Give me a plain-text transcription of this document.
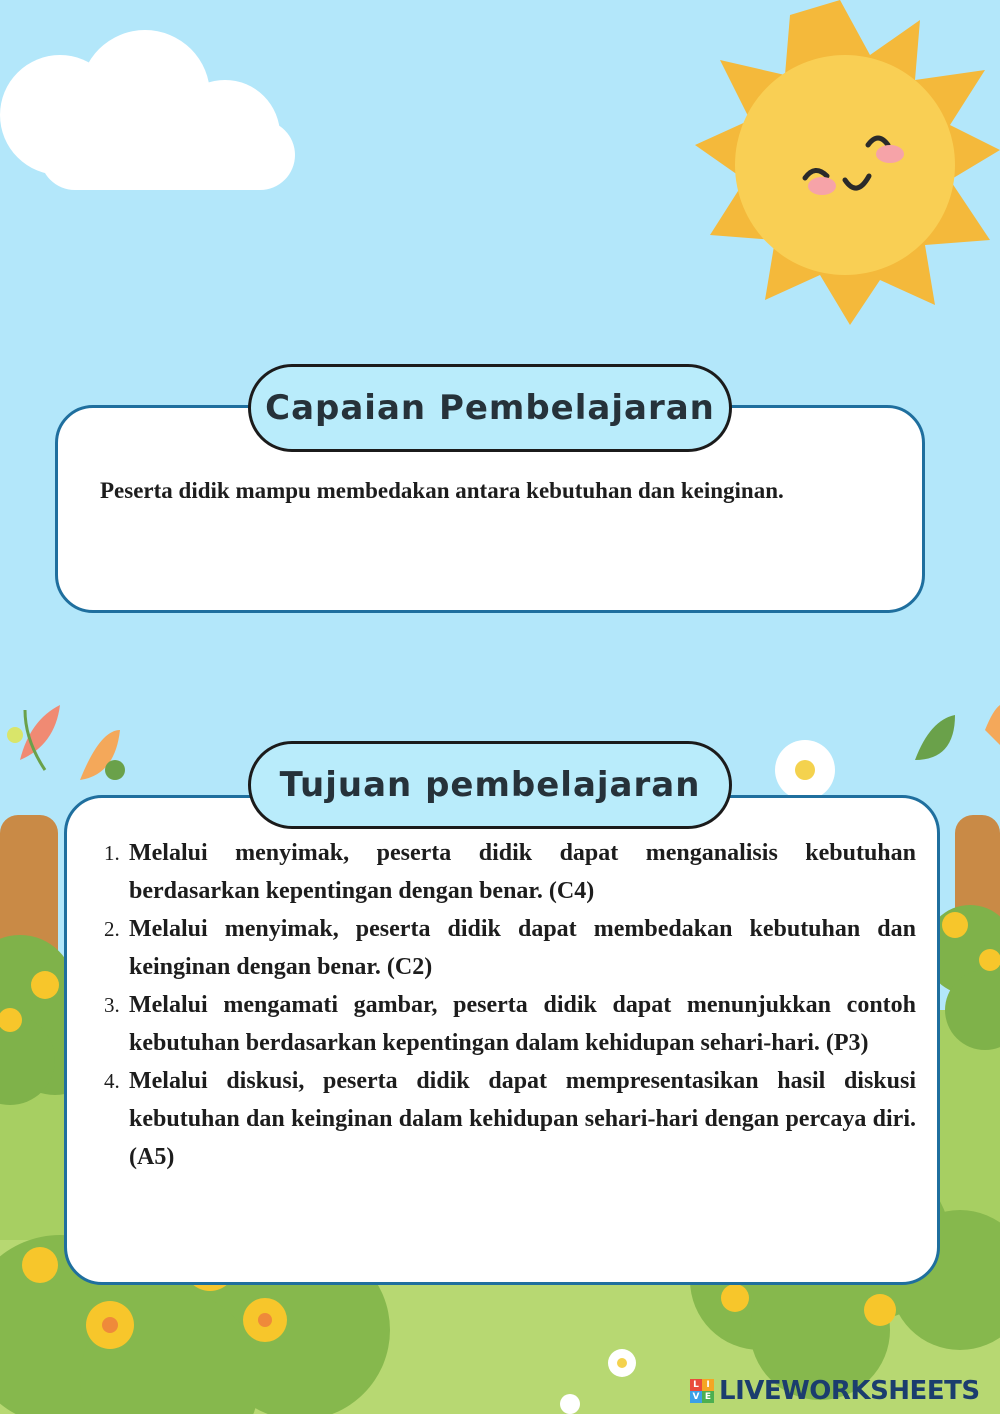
Capaian Pembelajaran
Peserta didik mampu membedakan antara kebutuhan dan keinginan.
Tujuan pembelajaran
1. Melalui menyimak, peserta didik dapat menganalisis kebutuhan berdasarkan kepentingan dengan benar. (C4)
2. Melalui menyimak, peserta didik dapat membedakan kebutuhan dan keinginan dengan benar. (C2)
3. Melalui mengamati gambar, peserta didik dapat menunjukkan contoh kebutuhan berdasarkan kepentingan dalam kehidupan sehari-hari. (P3)
4. Melalui diskusi, peserta didik dapat mempresentasikan hasil diskusi kebutuhan dan keinginan dalam kehidupan sehari-hari dengan percaya diri. (A5)
L I
V E LIVEWORKSHEETS
